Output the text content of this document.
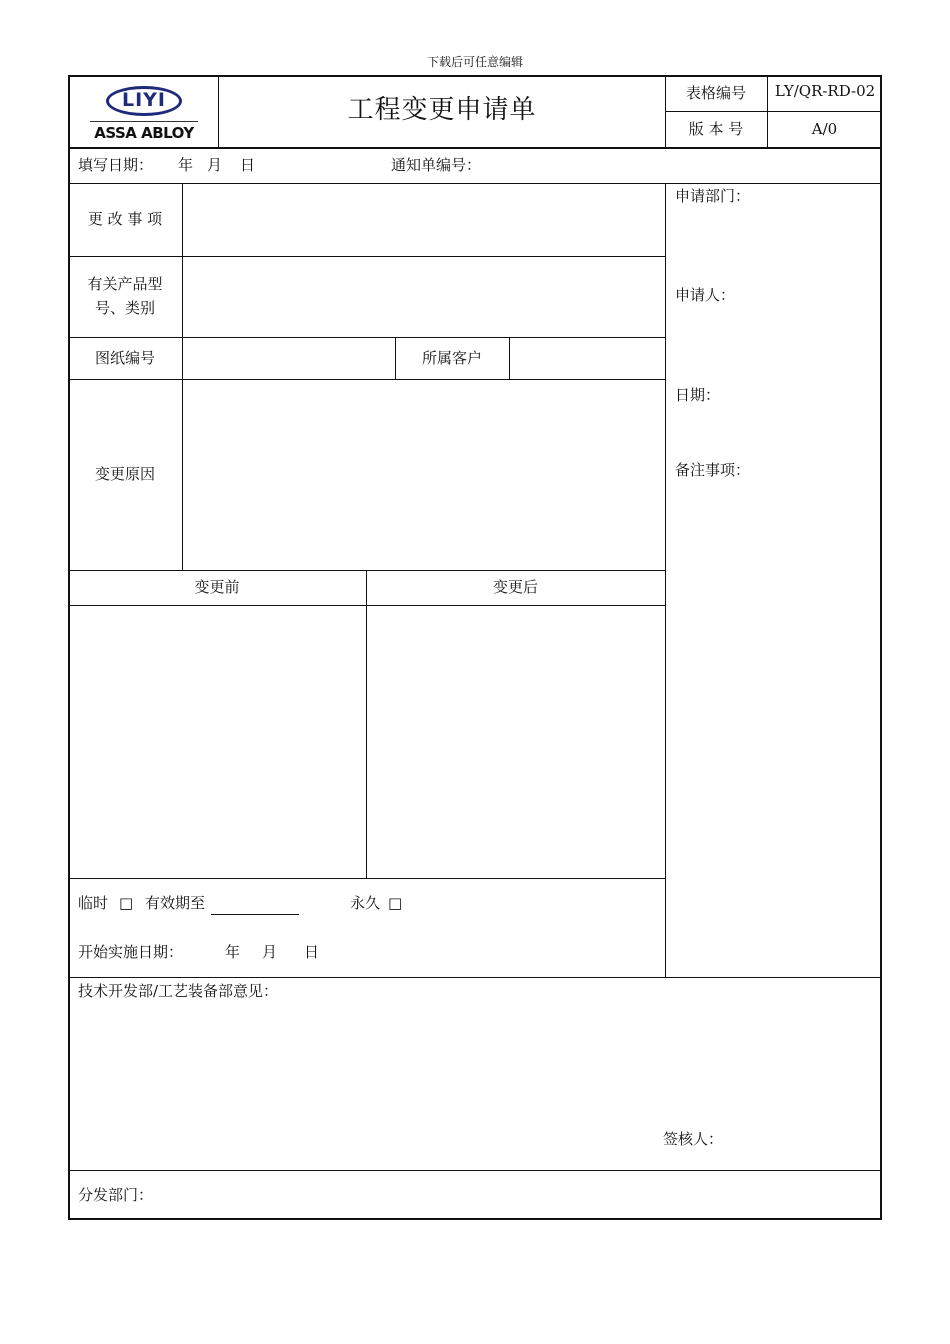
下载后可任意编辑
LIYI
ASSA ABLOY
工程变更申请单
表格编号	LY/QR-RD-02
版 本 号	A/0
填写日期： 年 月 日	通知单编号：
更 改 事 项
有关产品型
号、类别
图纸编号	所属客户
变更原因
变更前	变更后
申请部门：
申请人：
日期：
备注事项：
临时 □ 有效期至	永久 □
开始实施日期：	年 月 日
技术开发部/工艺装备部意见：
签核人：
分发部门：
